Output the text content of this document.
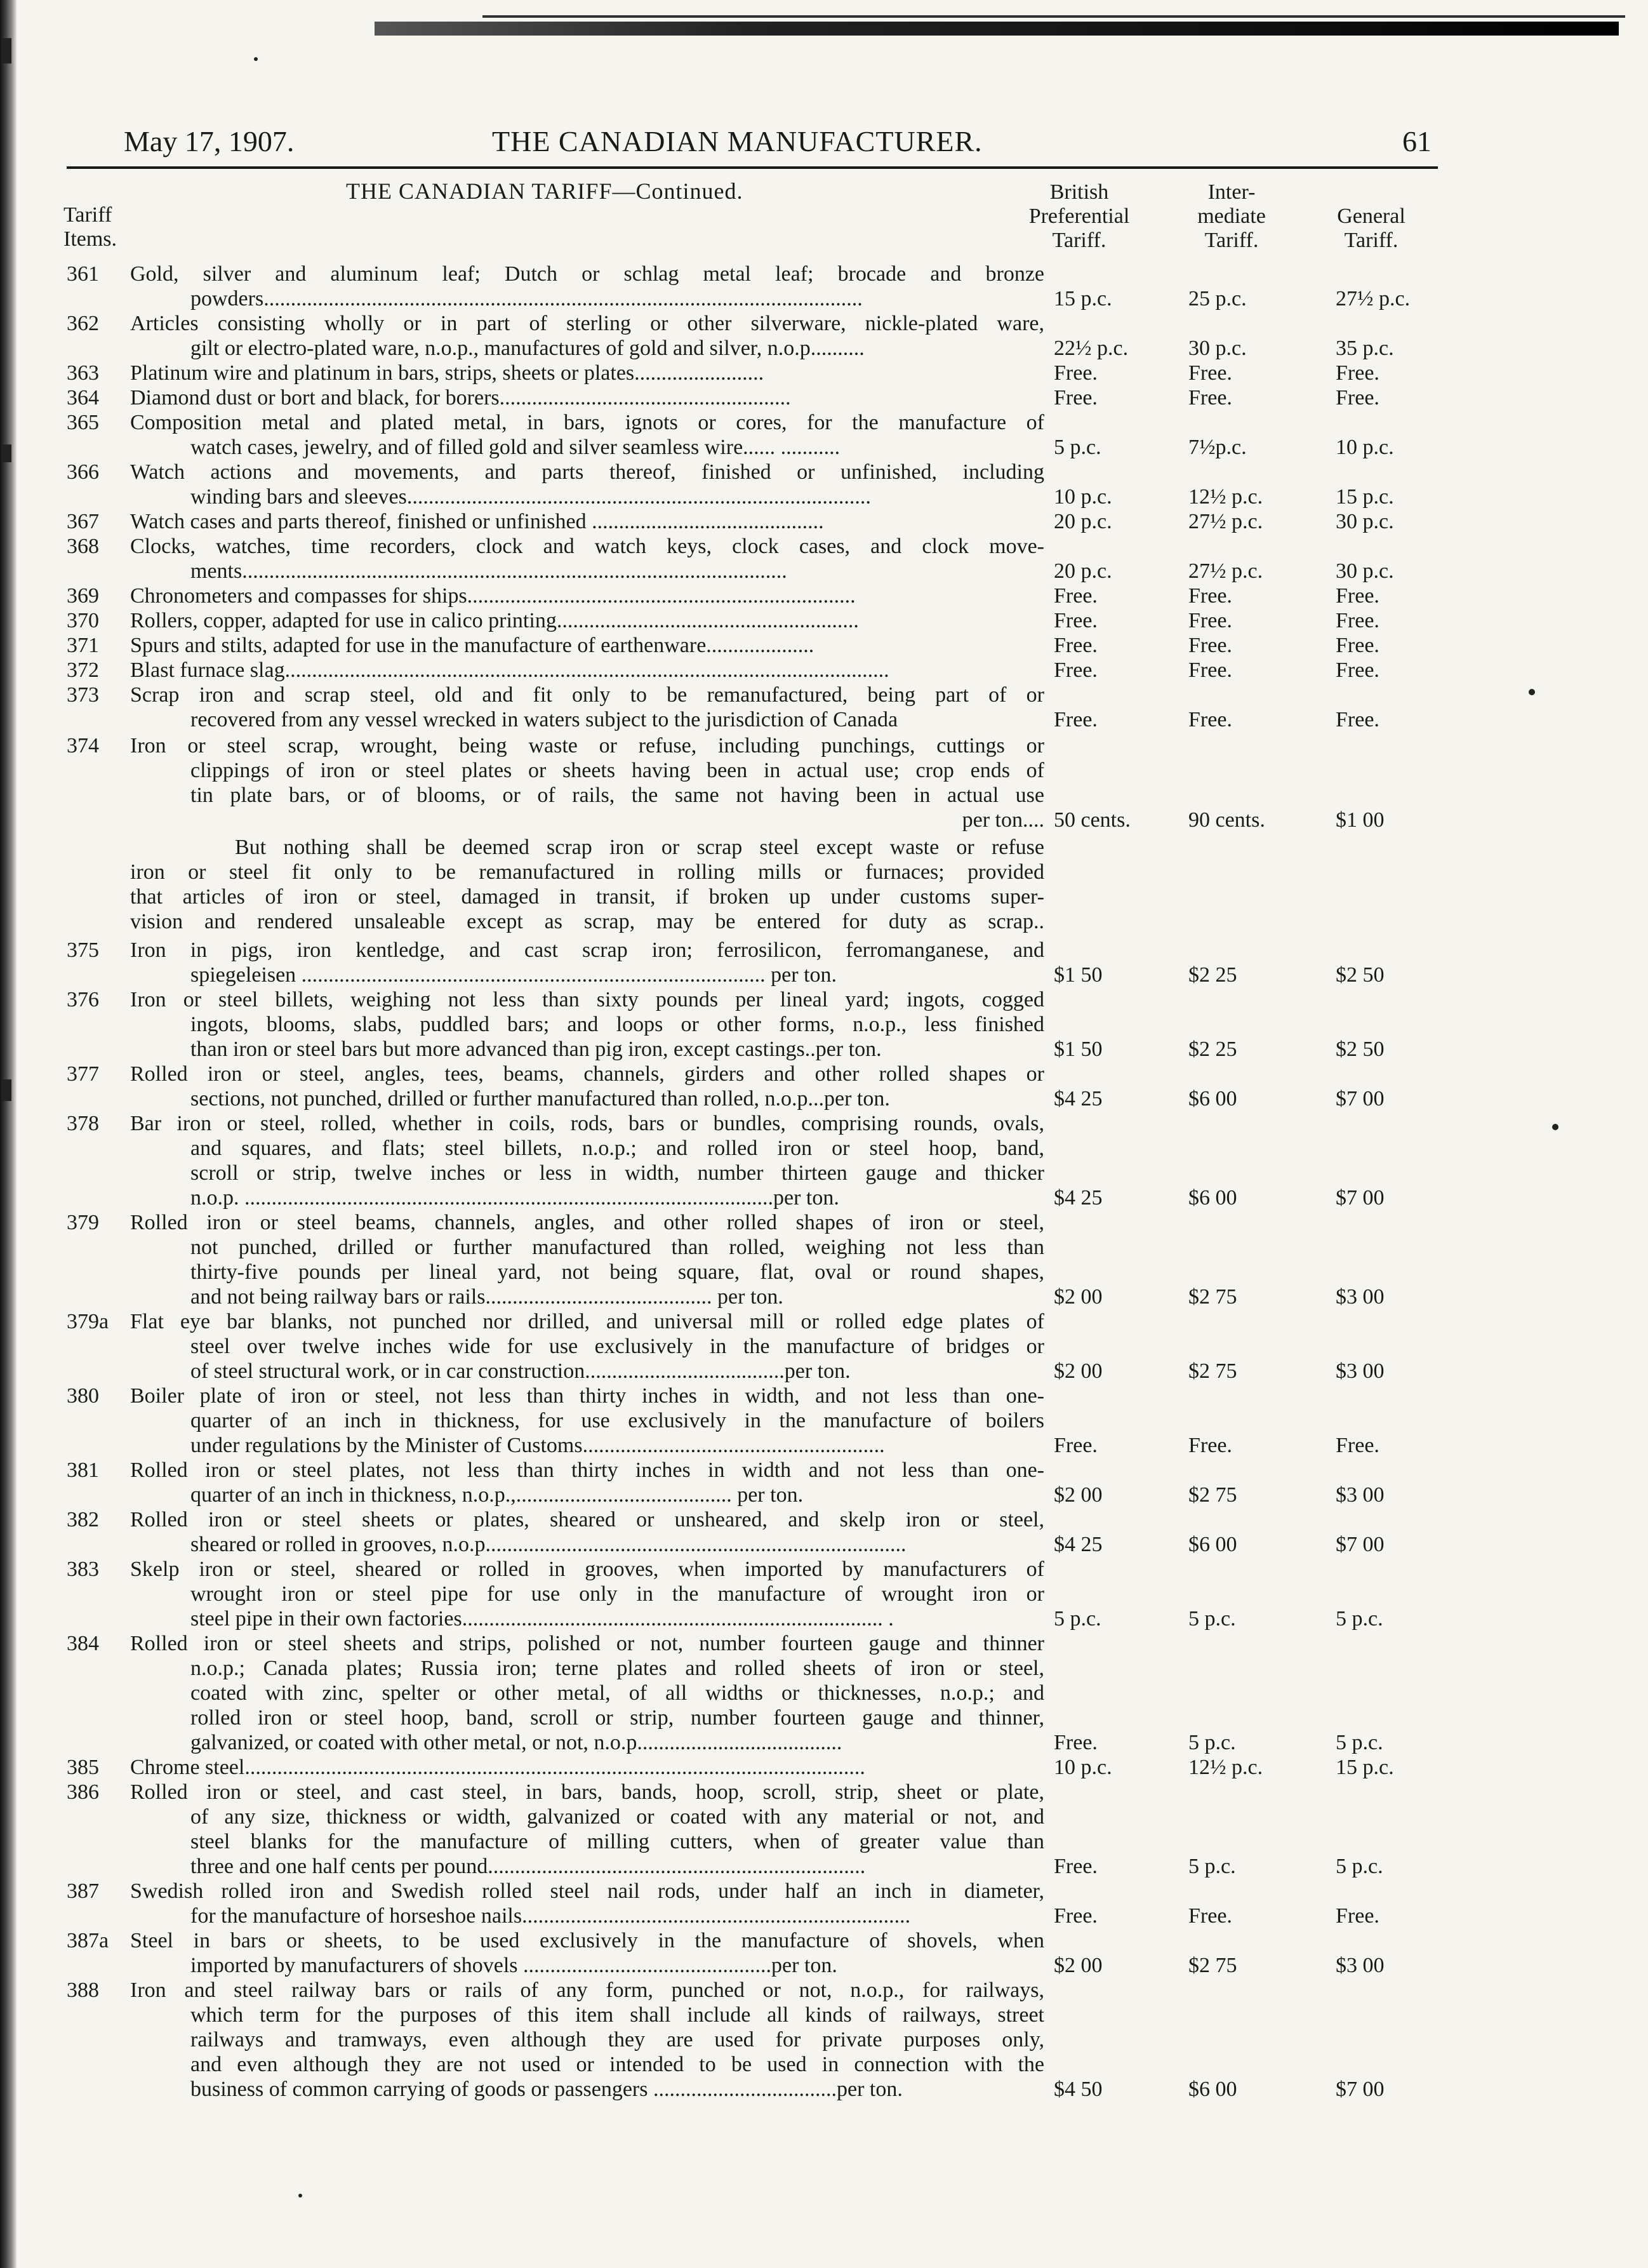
May 17, 1907.	THE CANADIAN MANUFACTURER.	61
THE CANADIAN TARIFF—Continued.
Tariff
Items.
British
Preferential
Tariff.
Inter-
mediate
Tariff.
General
Tariff.
361	Gold, silver and aluminum leaf; Dutch or schlag metal leaf; brocade and bronze
powders...............................................................................................................	15 p.c.	25 p.c.	27½ p.c.
362	Articles consisting wholly or in part of sterling or other silverware, nickle-plated ware,
gilt or electro-plated ware, n.o.p., manufactures of gold and silver, n.o.p..........	22½ p.c.	30 p.c.	35 p.c.
363	Platinum wire and platinum in bars, strips, sheets or plates........................	Free.	Free.	Free.
364	Diamond dust or bort and black, for borers......................................................	Free.	Free.	Free.
365	Composition metal and plated metal, in bars, ignots or cores, for the manufacture of
watch cases, jewelry, and of filled gold and silver seamless wire...... ...........	5 p.c.	7½p.c.	10 p.c.
366	Watch actions and movements, and parts thereof, finished or unfinished, including
winding bars and sleeves......................................................................................	10 p.c.	12½ p.c.	15 p.c.
367	Watch cases and parts thereof, finished or unfinished ...........................................	20 p.c.	27½ p.c.	30 p.c.
368	Clocks, watches, time recorders, clock and watch keys, clock cases, and clock move-
ments.....................................................................................................	20 p.c.	27½ p.c.	30 p.c.
369	Chronometers and compasses for ships........................................................................	Free.	Free.	Free.
370	Rollers, copper, adapted for use in calico printing........................................................	Free.	Free.	Free.
371	Spurs and stilts, adapted for use in the manufacture of earthenware....................	Free.	Free.	Free.
372	Blast furnace slag................................................................................................................	Free.	Free.	Free.
373	Scrap iron and scrap steel, old and fit only to be remanufactured, being part of or
recovered from any vessel wrecked in waters subject to the jurisdiction of Canada	Free.	Free.	Free.
374	Iron or steel scrap, wrought, being waste or refuse, including punchings, cuttings or
clippings of iron or steel plates or sheets having been in actual use; crop ends of
tin plate bars, or of blooms, or of rails, the same not having been in actual use
per ton.... 50 cents.	90 cents.	$1 00
But nothing shall be deemed scrap iron or scrap steel except waste or refuse
iron or steel fit only to be remanufactured in rolling mills or furnaces; provided
that articles of iron or steel, damaged in transit, if broken up under customs super-
vision and rendered unsaleable except as scrap, may be entered for duty as scrap..
375	Iron in pigs, iron kentledge, and cast scrap iron; ferrosilicon, ferromanganese, and
spiegeleisen ...................................................................................... per ton.	$1 50	$2 25	$2 50
376	Iron or steel billets, weighing not less than sixty pounds per lineal yard; ingots, cogged
ingots, blooms, slabs, puddled bars; and loops or other forms, n.o.p., less finished
than iron or steel bars but more advanced than pig iron, except castings..per ton.	$1 50	$2 25	$2 50
377	Rolled iron or steel, angles, tees, beams, channels, girders and other rolled shapes or
sections, not punched, drilled or further manufactured than rolled, n.o.p...per ton.	$4 25	$6 00	$7 00
378	Bar iron or steel, rolled, whether in coils, rods, bars or bundles, comprising rounds, ovals,
and squares, and flats; steel billets, n.o.p.; and rolled iron or steel hoop, band,
scroll or strip, twelve inches or less in width, number thirteen gauge and thicker
n.o.p. ..................................................................................................per ton.	$4 25	$6 00	$7 00
379	Rolled iron or steel beams, channels, angles, and other rolled shapes of iron or steel,
not punched, drilled or further manufactured than rolled, weighing not less than
thirty-five pounds per lineal yard, not being square, flat, oval or round shapes,
and not being railway bars or rails.......................................... per ton.	$2 00	$2 75	$3 00
379a Flat eye bar blanks, not punched nor drilled, and universal mill or rolled edge plates of
steel over twelve inches wide for use exclusively in the manufacture of bridges or
of steel structural work, or in car construction.....................................per ton.	$2 00	$2 75	$3 00
380	Boiler plate of iron or steel, not less than thirty inches in width, and not less than one-
quarter of an inch in thickness, for use exclusively in the manufacture of boilers
under regulations by the Minister of Customs........................................................	Free.	Free.	Free.
381	Rolled iron or steel plates, not less than thirty inches in width and not less than one-
quarter of an inch in thickness, n.o.p.,........................................ per ton.	$2 00	$2 75	$3 00
382	Rolled iron or steel sheets or plates, sheared or unsheared, and skelp iron or steel,
sheared or rolled in grooves, n.o.p..............................................................................	$4 25	$6 00	$7 00
383	Skelp iron or steel, sheared or rolled in grooves, when imported by manufacturers of
wrought iron or steel pipe for use only in the manufacture of wrought iron or
steel pipe in their own factories.............................................................................. .	5 p.c.	5 p.c.	5 p.c.
384	Rolled iron or steel sheets and strips, polished or not, number fourteen gauge and thinner
n.o.p.; Canada plates; Russia iron; terne plates and rolled sheets of iron or steel,
coated with zinc, spelter or other metal, of all widths or thicknesses, n.o.p.; and
rolled iron or steel hoop, band, scroll or strip, number fourteen gauge and thinner,
galvanized, or coated with other metal, or not, n.o.p......................................	Free.	5 p.c.	5 p.c.
385	Chrome steel...................................................................................................................	10 p.c.	12½ p.c.	15 p.c.
386	Rolled iron or steel, and cast steel, in bars, bands, hoop, scroll, strip, sheet or plate,
of any size, thickness or width, galvanized or coated with any material or not, and
steel blanks for the manufacture of milling cutters, when of greater value than
three and one half cents per pound......................................................................	Free.	5 p.c.	5 p.c.
387	Swedish rolled iron and Swedish rolled steel nail rods, under half an inch in diameter,
for the manufacture of horseshoe nails........................................................................	Free.	Free.	Free.
387a Steel in bars or sheets, to be used exclusively in the manufacture of shovels, when
imported by manufacturers of shovels ..............................................per ton.	$2 00	$2 75	$3 00
388	Iron and steel railway bars or rails of any form, punched or not, n.o.p., for railways,
which term for the purposes of this item shall include all kinds of railways, street
railways and tramways, even although they are used for private purposes only,
and even although they are not used or intended to be used in connection with the
business of common carrying of goods or passengers ..................................per ton.	$4 50	$6 00	$7 00
